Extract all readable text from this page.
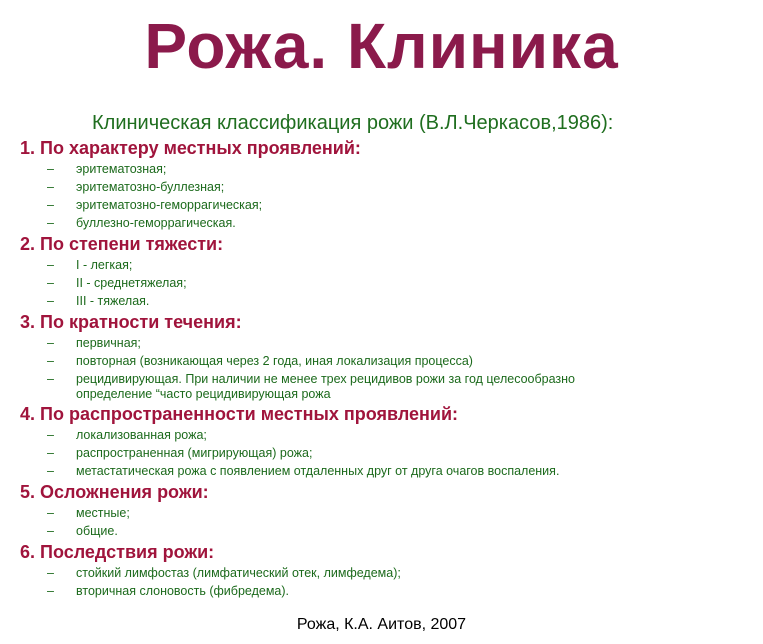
Рожа. Клиника
Клиническая классификация рожи (В.Л.Черкасов,1986):
1. По характеру местных проявлений:
– эритематозная;
– эритематозно-буллезная;
– эритематозно-геморрагическая;
– буллезно-геморрагическая.
2. По степени тяжести:
– I - легкая;
– II - среднетяжелая;
– III - тяжелая.
3. По кратности течения:
– первичная;
– повторная (возникающая через 2 года, иная локализация процесса)
– рецидивирующая. При наличии не менее трех рецидивов рожи за год целесообразно
определение “часто рецидивирующая рожа
4. По распространенности местных проявлений:
– локализованная рожа;
– распространенная (мигрирующая) рожа;
– метастатическая рожа с появлением отдаленных друг от друга очагов воспаления.
5. Осложнения рожи:
– местные;
– общие.
6. Последствия рожи:
– стойкий лимфостаз (лимфатический отек, лимфедема);
– вторичная слоновость (фибредема).
Рожа, К.А. Аитов, 2007
